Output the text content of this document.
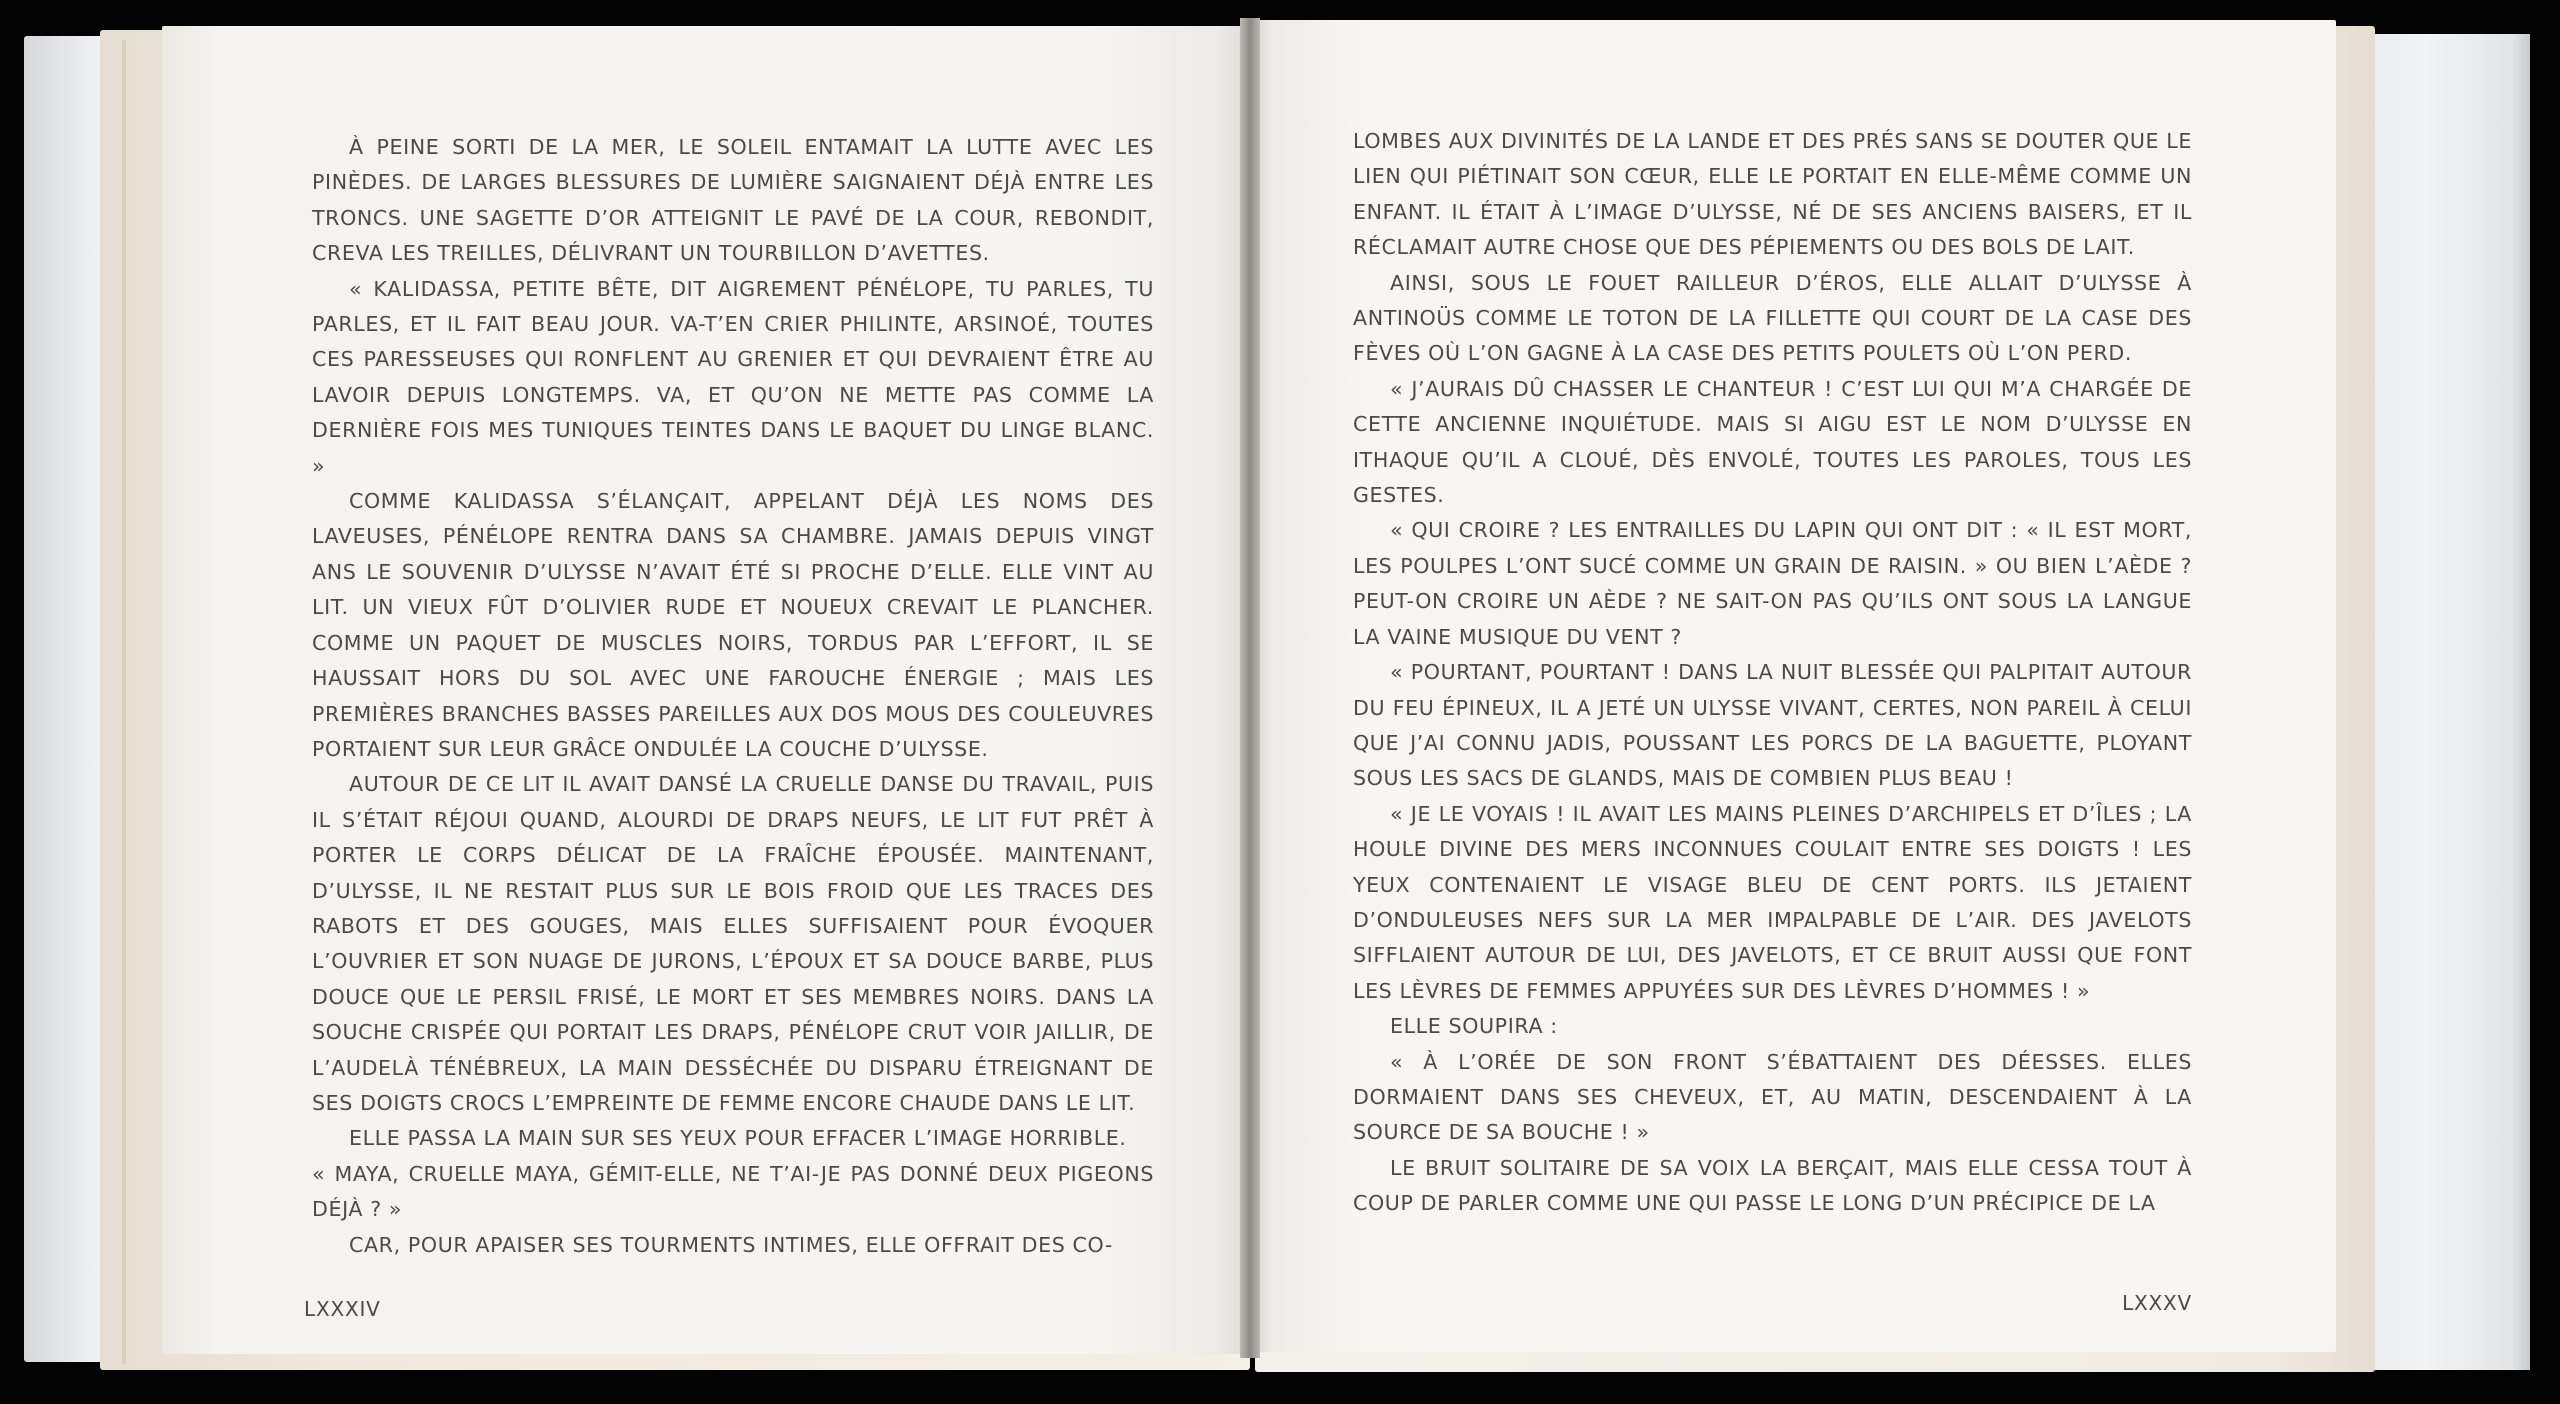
À PEINE SORTI DE LA MER, LE SOLEIL ENTAMAIT LA LUTTE AVEC LES PINÈDES. DE LARGES BLESSURES DE LUMIÈRE SAIGNAIENT DÉJÀ ENTRE LES TRONCS. UNE SAGETTE D’OR ATTEIGNIT LE PAVÉ DE LA COUR, REBONDIT, CREVA LES TREILLES, DÉLIVRANT UN TOURBILLON D’AVETTES.

« KALIDASSA, PETITE BÊTE, DIT AIGREMENT PÉNÉLOPE, TU PARLES, TU PARLES, ET IL FAIT BEAU JOUR. VA-T’EN CRIER PHILINTE, ARSINOÉ, TOUTES CES PARESSEUSES QUI RONFLENT AU GRENIER ET QUI DEVRAIENT ÊTRE AU LAVOIR DEPUIS LONGTEMPS. VA, ET QU’ON NE METTE PAS COMME LA DERNIÈRE FOIS MES TUNIQUES TEINTES DANS LE BAQUET DU LINGE BLANC. »

COMME KALIDASSA S’ÉLANÇAIT, APPELANT DÉJÀ LES NOMS DES LAVEUSES, PÉNÉLOPE RENTRA DANS SA CHAMBRE. JAMAIS DEPUIS VINGT ANS LE SOUVENIR D’ULYSSE N’AVAIT ÉTÉ SI PROCHE D’ELLE. ELLE VINT AU LIT. UN VIEUX FÛT D’OLIVIER RUDE ET NOUEUX CREVAIT LE PLANCHER. COMME UN PAQUET DE MUSCLES NOIRS, TORDUS PAR L’EFFORT, IL SE HAUSSAIT HORS DU SOL AVEC UNE FAROUCHE ÉNERGIE ; MAIS LES PREMIÈRES BRANCHES BASSES PAREILLES AUX DOS MOUS DES COULEUVRES PORTAIENT SUR LEUR GRÂCE ONDULÉE LA COUCHE D’ULYSSE.

AUTOUR DE CE LIT IL AVAIT DANSÉ LA CRUELLE DANSE DU TRAVAIL, PUIS IL S’ÉTAIT RÉJOUI QUAND, ALOURDI DE DRAPS NEUFS, LE LIT FUT PRÊT À PORTER LE CORPS DÉLICAT DE LA FRAÎCHE ÉPOUSÉE. MAINTENANT, D’ULYSSE, IL NE RESTAIT PLUS SUR LE BOIS FROID QUE LES TRACES DES RABOTS ET DES GOUGES, MAIS ELLES SUFFISAIENT POUR ÉVOQUER L’OUVRIER ET SON NUAGE DE JURONS, L’ÉPOUX ET SA DOUCE BARBE, PLUS DOUCE QUE LE PERSIL FRISÉ, LE MORT ET SES MEMBRES NOIRS. DANS LA SOUCHE CRISPÉE QUI PORTAIT LES DRAPS, PÉNÉLOPE CRUT VOIR JAILLIR, DE L’AUDELÀ TÉNÉBREUX, LA MAIN DESSÉCHÉE DU DISPARU ÉTREIGNANT DE SES DOIGTS CROCS L’EMPREINTE DE FEMME ENCORE CHAUDE DANS LE LIT.

ELLE PASSA LA MAIN SUR SES YEUX POUR EFFACER L’IMAGE HORRIBLE.

« MAYA, CRUELLE MAYA, GÉMIT-ELLE, NE T’AI-JE PAS DONNÉ DEUX PIGEONS DÉJÀ ? »

CAR, POUR APAISER SES TOURMENTS INTIMES, ELLE OFFRAIT DES CO-

LXXXIV

LOMBES AUX DIVINITÉS DE LA LANDE ET DES PRÉS SANS SE DOUTER QUE LE LIEN QUI PIÉTINAIT SON CŒUR, ELLE LE PORTAIT EN ELLE-MÊME COMME UN ENFANT. IL ÉTAIT À L’IMAGE D’ULYSSE, NÉ DE SES ANCIENS BAISERS, ET IL RÉCLAMAIT AUTRE CHOSE QUE DES PÉPIEMENTS OU DES BOLS DE LAIT.

AINSI, SOUS LE FOUET RAILLEUR D’ÉROS, ELLE ALLAIT D’ULYSSE À ANTINOÜS COMME LE TOTON DE LA FILLETTE QUI COURT DE LA CASE DES FÈVES OÙ L’ON GAGNE À LA CASE DES PETITS POULETS OÙ L’ON PERD.

« J’AURAIS DÛ CHASSER LE CHANTEUR ! C’EST LUI QUI M’A CHARGÉE DE CETTE ANCIENNE INQUIÉTUDE. MAIS SI AIGU EST LE NOM D’ULYSSE EN ITHAQUE QU’IL A CLOUÉ, DÈS ENVOLÉ, TOUTES LES PAROLES, TOUS LES GESTES.

« QUI CROIRE ? LES ENTRAILLES DU LAPIN QUI ONT DIT : « IL EST MORT, LES POULPES L’ONT SUCÉ COMME UN GRAIN DE RAISIN. » OU BIEN L’AÈDE ? PEUT-ON CROIRE UN AÈDE ? NE SAIT-ON PAS QU’ILS ONT SOUS LA LANGUE LA VAINE MUSIQUE DU VENT ?

« POURTANT, POURTANT ! DANS LA NUIT BLESSÉE QUI PALPITAIT AUTOUR DU FEU ÉPINEUX, IL A JETÉ UN ULYSSE VIVANT, CERTES, NON PAREIL À CELUI QUE J’AI CONNU JADIS, POUSSANT LES PORCS DE LA BAGUETTE, PLOYANT SOUS LES SACS DE GLANDS, MAIS DE COMBIEN PLUS BEAU !

« JE LE VOYAIS ! IL AVAIT LES MAINS PLEINES D’ARCHIPELS ET D’ÎLES ; LA HOULE DIVINE DES MERS INCONNUES COULAIT ENTRE SES DOIGTS ! LES YEUX CONTENAIENT LE VISAGE BLEU DE CENT PORTS. ILS JETAIENT D’ONDULEUSES NEFS SUR LA MER IMPALPABLE DE L’AIR. DES JAVELOTS SIFFLAIENT AUTOUR DE LUI, DES JAVELOTS, ET CE BRUIT AUSSI QUE FONT LES LÈVRES DE FEMMES APPUYÉES SUR DES LÈVRES D’HOMMES ! »

ELLE SOUPIRA :

« À L’ORÉE DE SON FRONT S’ÉBATTAIENT DES DÉESSES. ELLES DORMAIENT DANS SES CHEVEUX, ET, AU MATIN, DESCENDAIENT À LA SOURCE DE SA BOUCHE ! »

LE BRUIT SOLITAIRE DE SA VOIX LA BERÇAIT, MAIS ELLE CESSA TOUT À COUP DE PARLER COMME UNE QUI PASSE LE LONG D’UN PRÉCIPICE DE LA

LXXXV
